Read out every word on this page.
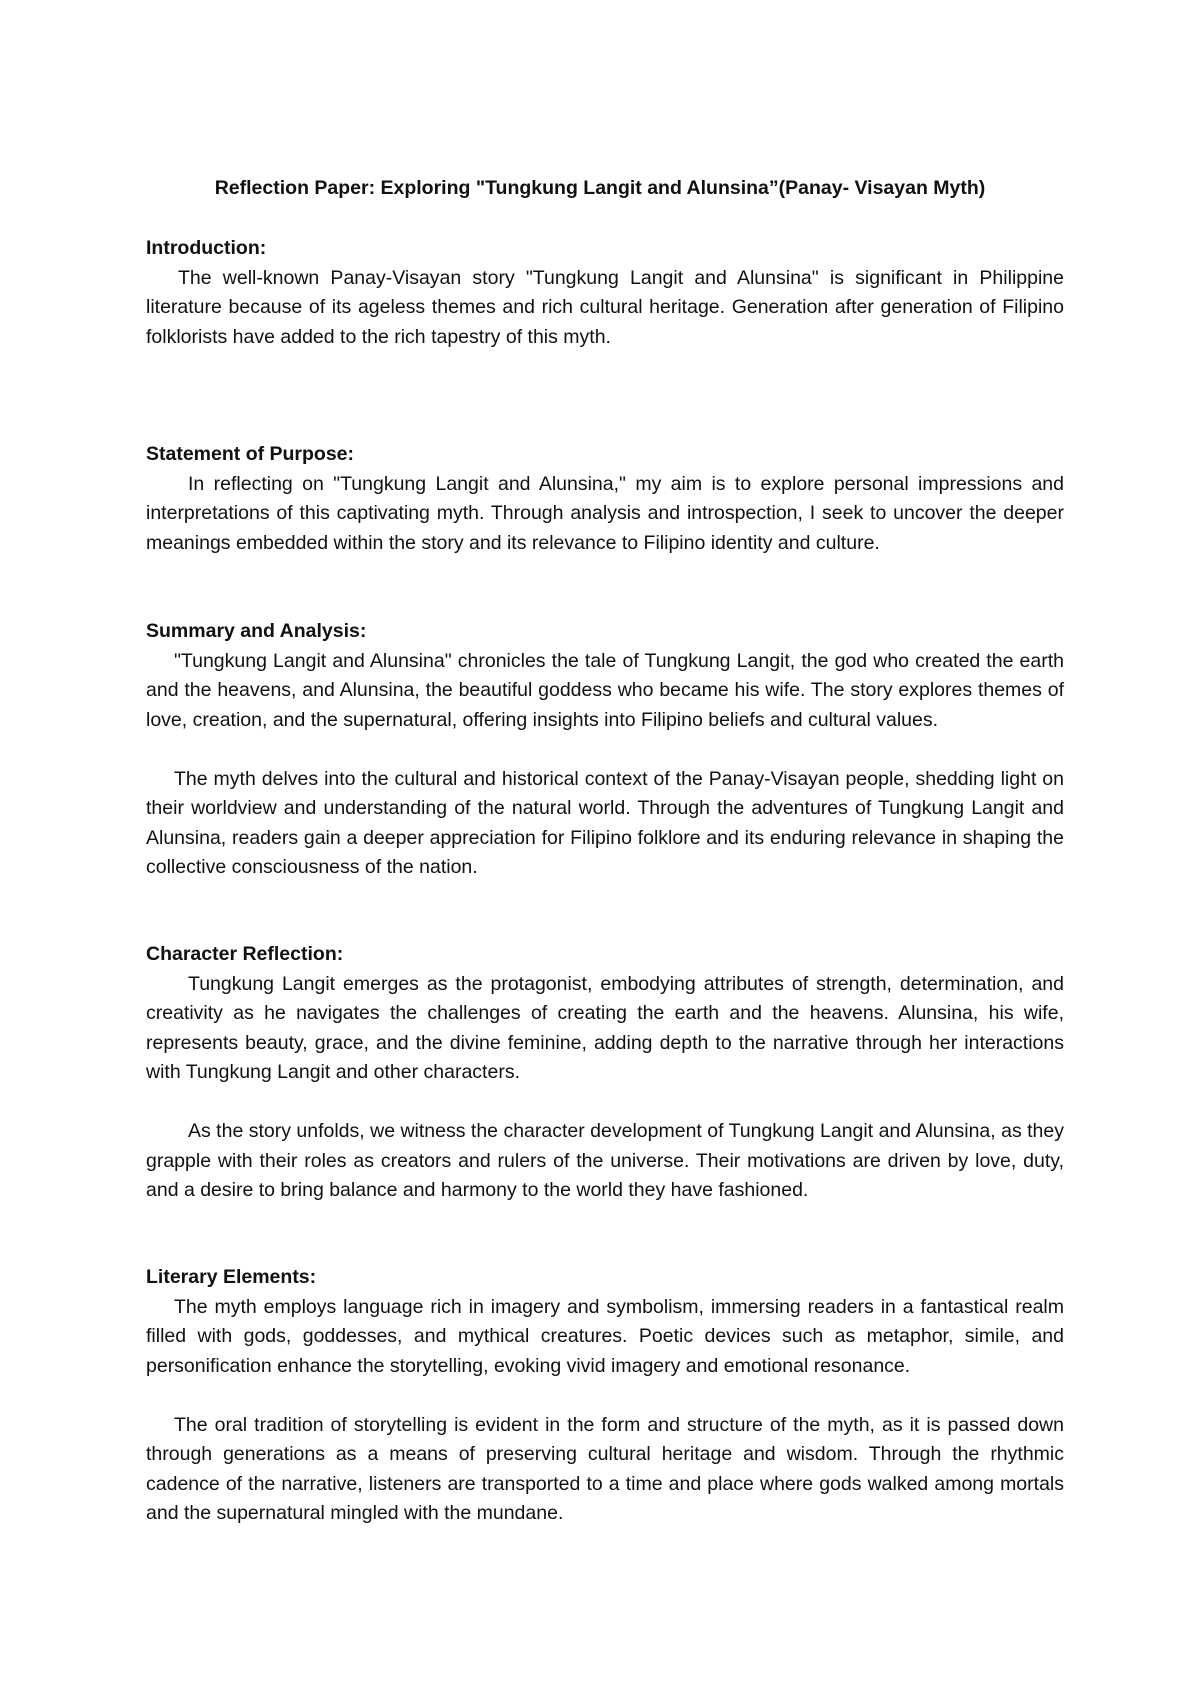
Reflection Paper: Exploring "Tungkung Langit and Alunsina”(Panay- Visayan Myth)

Introduction:

The well-known Panay-Visayan story "Tungkung Langit and Alunsina" is significant in Philippine literature because of its ageless themes and rich cultural heritage. Generation after generation of Filipino folklorists have added to the rich tapestry of this myth.

Statement of Purpose:

In reflecting on "Tungkung Langit and Alunsina," my aim is to explore personal impressions and interpretations of this captivating myth. Through analysis and introspection, I seek to uncover the deeper meanings embedded within the story and its relevance to Filipino identity and culture.

Summary and Analysis:

"Tungkung Langit and Alunsina" chronicles the tale of Tungkung Langit, the god who created the earth and the heavens, and Alunsina, the beautiful goddess who became his wife. The story explores themes of love, creation, and the supernatural, offering insights into Filipino beliefs and cultural values.

The myth delves into the cultural and historical context of the Panay-Visayan people, shedding light on their worldview and understanding of the natural world. Through the adventures of Tungkung Langit and Alunsina, readers gain a deeper appreciation for Filipino folklore and its enduring relevance in shaping the collective consciousness of the nation.

Character Reflection:

Tungkung Langit emerges as the protagonist, embodying attributes of strength, determination, and creativity as he navigates the challenges of creating the earth and the heavens. Alunsina, his wife, represents beauty, grace, and the divine feminine, adding depth to the narrative through her interactions with Tungkung Langit and other characters.

As the story unfolds, we witness the character development of Tungkung Langit and Alunsina, as they grapple with their roles as creators and rulers of the universe. Their motivations are driven by love, duty, and a desire to bring balance and harmony to the world they have fashioned.

Literary Elements:

The myth employs language rich in imagery and symbolism, immersing readers in a fantastical realm filled with gods, goddesses, and mythical creatures. Poetic devices such as metaphor, simile, and personification enhance the storytelling, evoking vivid imagery and emotional resonance.

The oral tradition of storytelling is evident in the form and structure of the myth, as it is passed down through generations as a means of preserving cultural heritage and wisdom. Through the rhythmic cadence of the narrative, listeners are transported to a time and place where gods walked among mortals and the supernatural mingled with the mundane.
